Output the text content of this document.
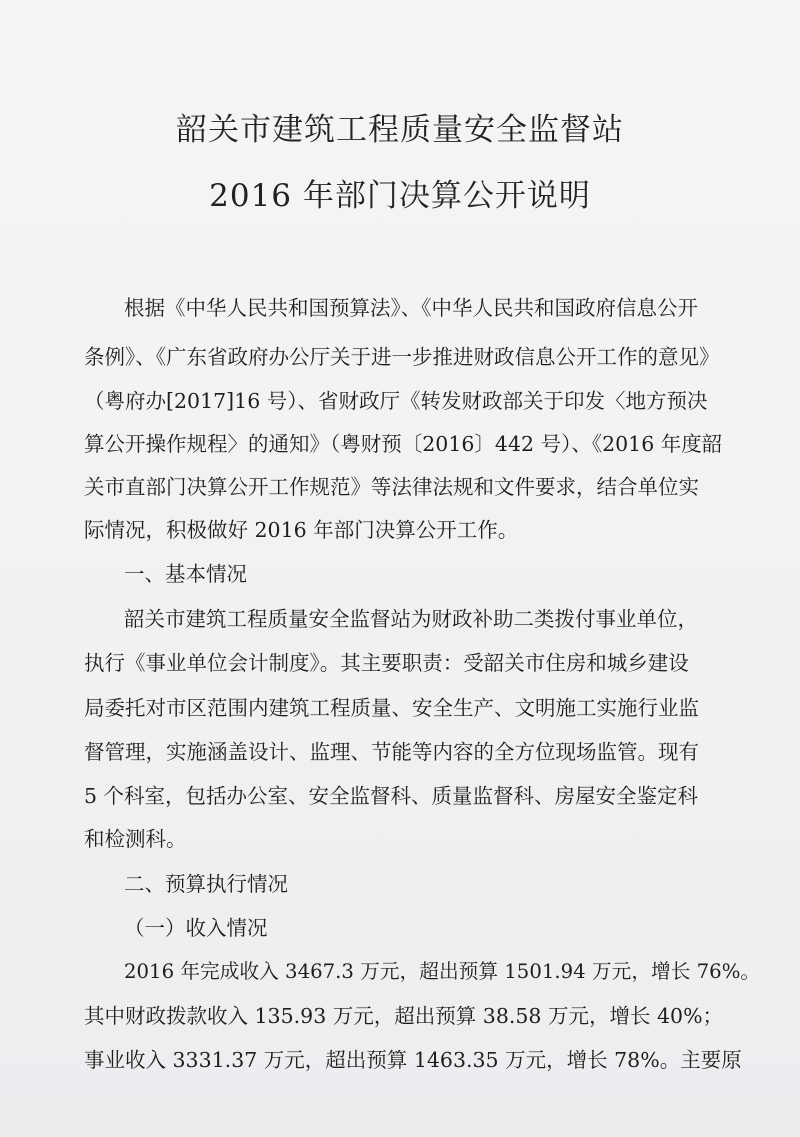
韶关市建筑工程质量安全监督站
2016 年部门决算公开说明
根据《中华人民共和国预算法》、《中华人民共和国政府信息公开
条例》、《广东省政府办公厅关于进一步推进财政信息公开工作的意见》
（粤府办[2017]16 号）、省财政厅《转发财政部关于印发〈地方预决
算公开操作规程〉的通知》（粤财预〔2016〕442 号）、《2016 年度韶
关市直部门决算公开工作规范》等法律法规和文件要求，结合单位实
际情况，积极做好 2016 年部门决算公开工作。
一、基本情况
韶关市建筑工程质量安全监督站为财政补助二类拨付事业单位，
执行《事业单位会计制度》。其主要职责：受韶关市住房和城乡建设
局委托对市区范围内建筑工程质量、安全生产、文明施工实施行业监
督管理，实施涵盖设计、监理、节能等内容的全方位现场监管。现有
5 个科室，包括办公室、安全监督科、质量监督科、房屋安全鉴定科
和检测科。
二、预算执行情况
（一）收入情况
2016 年完成收入 3467.3 万元，超出预算 1501.94 万元，增长 76%。
其中财政拨款收入 135.93 万元，超出预算 38.58 万元，增长 40%；
事业收入 3331.37 万元，超出预算 1463.35 万元，增长 78%。主要原
